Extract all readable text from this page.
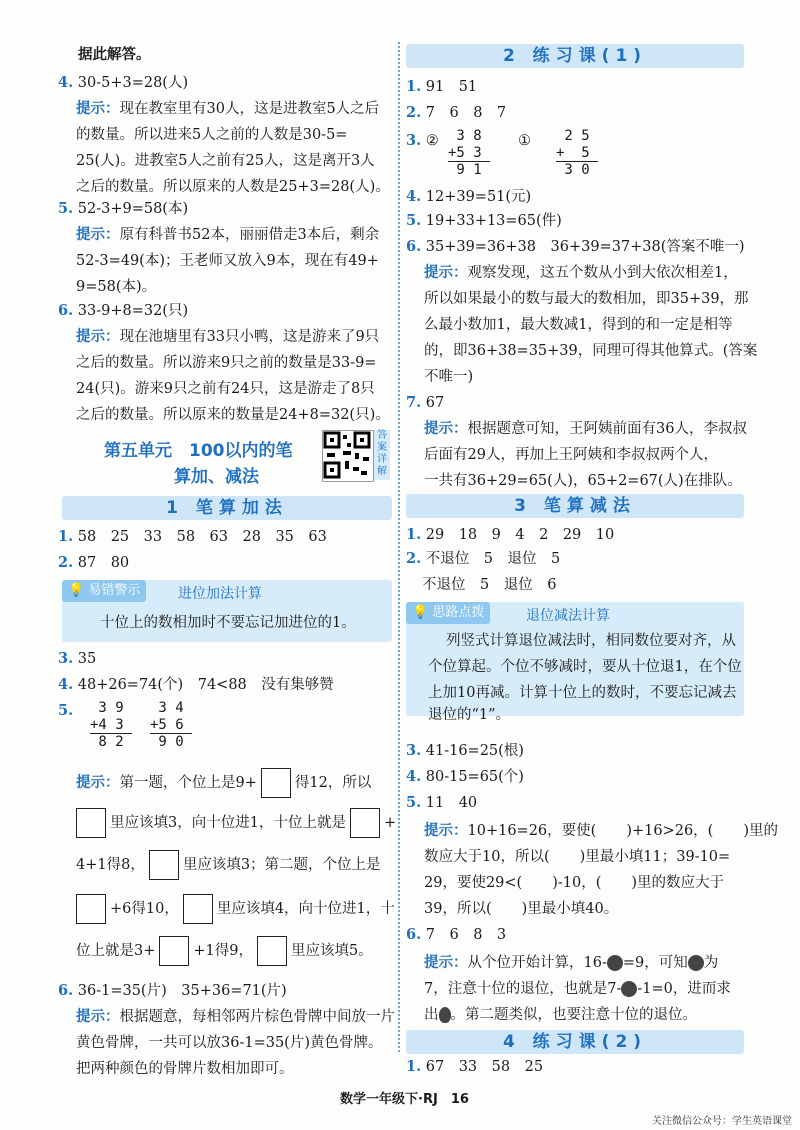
据此解答。
4. 30-5+3=28(人)
提示：现在教室里有30人，这是进教室5人之后
的数量。所以进来5人之前的人数是30-5=
25(人)。进教室5人之前有25人，这是离开3人
之后的数量。所以原来的人数是25+3=28(人)。
5. 52-3+9=58(本)
提示：原有科普书52本，丽丽借走3本后，剩余
52-3=49(本)；王老师又放入9本，现在有49+
9=58(本)。
6. 33-9+8=32(只)
提示：现在池塘里有33只小鸭，这是游来了9只
之后的数量。所以游来9只之前的数量是33-9=
24(只)。游来9只之前有24只，这是游走了8只
之后的数量。所以原来的数量是24+8=32(只)。
第五单元　100以内的笔
算加、减法
答案详解
1 笔算加法
1. 58　25　33　58　63　28　35　63
2. 87　80
💡 易错警示	进位加法计算
十位上的数相加时不要忘记加进位的1。
3. 35
4. 48+26=74(个)　74<88　没有集够赞
5. 3 9
+4 3
8 2
3 4
+5 6
9 0
提示：第一题，个位上是9+	得12，所以
里应该填3，向十位进1，十位上就是	+
4+1得8，	里应该填3；第二题，个位上是
+6得10，	里应该填4，向十位进1，十
位上就是3+	+1得9，	里应该填5。
6. 36-1=35(片)　35+36=71(片)
提示：根据题意，每相邻两片棕色骨牌中间放一片
黄色骨牌，一共可以放36-1=35(片)黄色骨牌。
把两种颜色的骨牌片数相加即可。
2 练习课(1)
1. 91　51
2. 7　6　8　7
3. ② 3 8
+5 3
9 1
① 2 5
+  5
3 0
4. 12+39=51(元)
5. 19+33+13=65(件)
6. 35+39=36+38　36+39=37+38(答案不唯一)
提示：观察发现，这五个数从小到大依次相差1，
所以如果最小的数与最大的数相加，即35+39，那
么最小数加1，最大数减1，得到的和一定是相等
的，即36+38=35+39，同理可得其他算式。(答案
不唯一)
7. 67
提示：根据题意可知，王阿姨前面有36人，李叔叔
后面有29人，再加上王阿姨和李叔叔两个人，
一共有36+29=65(人)，65+2=67(人)在排队。
3 笔算减法
1. 29　18　9　4　2　29　10
2. 不退位　5　退位　5
不退位　5　退位　6
💡 思路点拨	退位减法计算
列竖式计算退位减法时，相同数位要对齐，从
个位算起。个位不够减时，要从十位退1，在个位
上加10再减。计算十位上的数时，不要忘记减去
退位的“1”。
3. 41-16=25(根)
4. 80-15=65(个)
5. 11　40
提示：10+16=26，要使( )+16>26，( )里的
数应大于10，所以( )里最小填11；39-10=
29，要使29<( )-10，( )里的数应大于
39，所以( )里最小填40。
6. 7　6　8　3
提示：从个位开始计算，16- =9，可知 为
7，注意十位的退位，也就是7- -1=0，进而求
出 。第二题类似，也要注意十位的退位。
4 练习课(2)
1. 67　33　58　25
数学一年级下·RJ　 16
关注微信公众号：学生英语课堂
